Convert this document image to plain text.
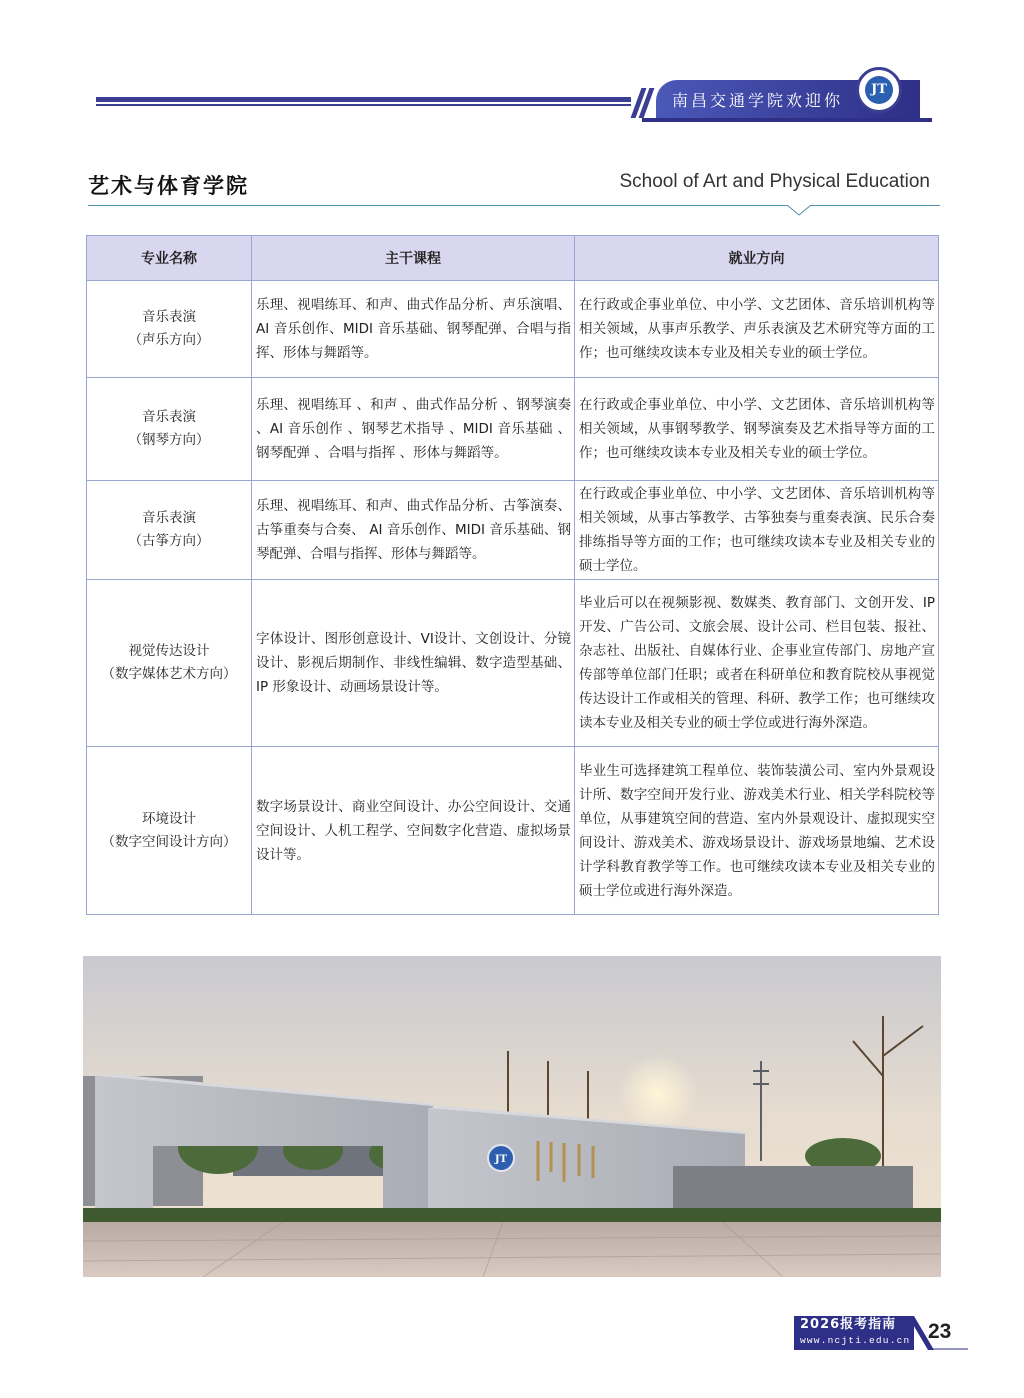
南昌交通学院欢迎你
JT
艺术与体育学院	School of Art and Physical Education
专业名称	主干课程	就业方向

音乐表演
（声乐方向）	乐理、视唱练耳、和声、曲式作品分析、声乐演唱、AI 音乐创作、MIDI 音乐基础、钢琴配弹、合唱与指挥、形体与舞蹈等。	在行政或企事业单位、中小学、文艺团体、音乐培训机构等相关领域，从事声乐教学、声乐表演及艺术研究等方面的工作；也可继续攻读本专业及相关专业的硕士学位。

音乐表演
（钢琴方向）	乐理、视唱练耳 、和声 、曲式作品分析 、钢琴演奏 、AI 音乐创作 、钢琴艺术指导 、MIDI 音乐基础 、钢琴配弹 、合唱与指挥 、形体与舞蹈等。	在行政或企事业单位、中小学、文艺团体、音乐培训机构等相关领域，从事钢琴教学、钢琴演奏及艺术指导等方面的工作；也可继续攻读本专业及相关专业的硕士学位。

音乐表演
（古筝方向）	乐理、视唱练耳、和声、曲式作品分析、古筝演奏、古筝重奏与合奏、 AI 音乐创作、MIDI 音乐基础、钢琴配弹、合唱与指挥、形体与舞蹈等。	在行政或企事业单位、中小学、文艺团体、音乐培训机构等相关领域，从事古筝教学、古筝独奏与重奏表演、民乐合奏排练指导等方面的工作；也可继续攻读本专业及相关专业的硕士学位。

视觉传达设计
（数字媒体艺术方向）	字体设计、图形创意设计、VI设计、文创设计、分镜设计、影视后期制作、非线性编辑、数字造型基础、IP 形象设计、动画场景设计等。	毕业后可以在视频影视、数媒类、教育部门、文创开发、IP 开发、广告公司、文旅会展、设计公司、栏目包装、报社、杂志社、出版社、自媒体行业、企事业宣传部门、房地产宣传部等单位部门任职；或者在科研单位和教育院校从事视觉传达设计工作或相关的管理、科研、教学工作；也可继续攻读本专业及相关专业的硕士学位或进行海外深造。

环境设计
（数字空间设计方向）	数字场景设计、商业空间设计、办公空间设计、交通空间设计、人机工程学、空间数字化营造、虚拟场景设计等。	毕业生可选择建筑工程单位、装饰装潢公司、室内外景观设计所、数字空间开发行业、游戏美术行业、相关学科院校等单位，从事建筑空间的营造、室内外景观设计、虚拟现实空间设计、游戏美术、游戏场景设计、游戏场景地编、艺术设计学科教育教学等工作。也可继续攻读本专业及相关专业的硕士学位或进行海外深造。
JT
2026报考指南
www.ncjti.edu.cn 23
